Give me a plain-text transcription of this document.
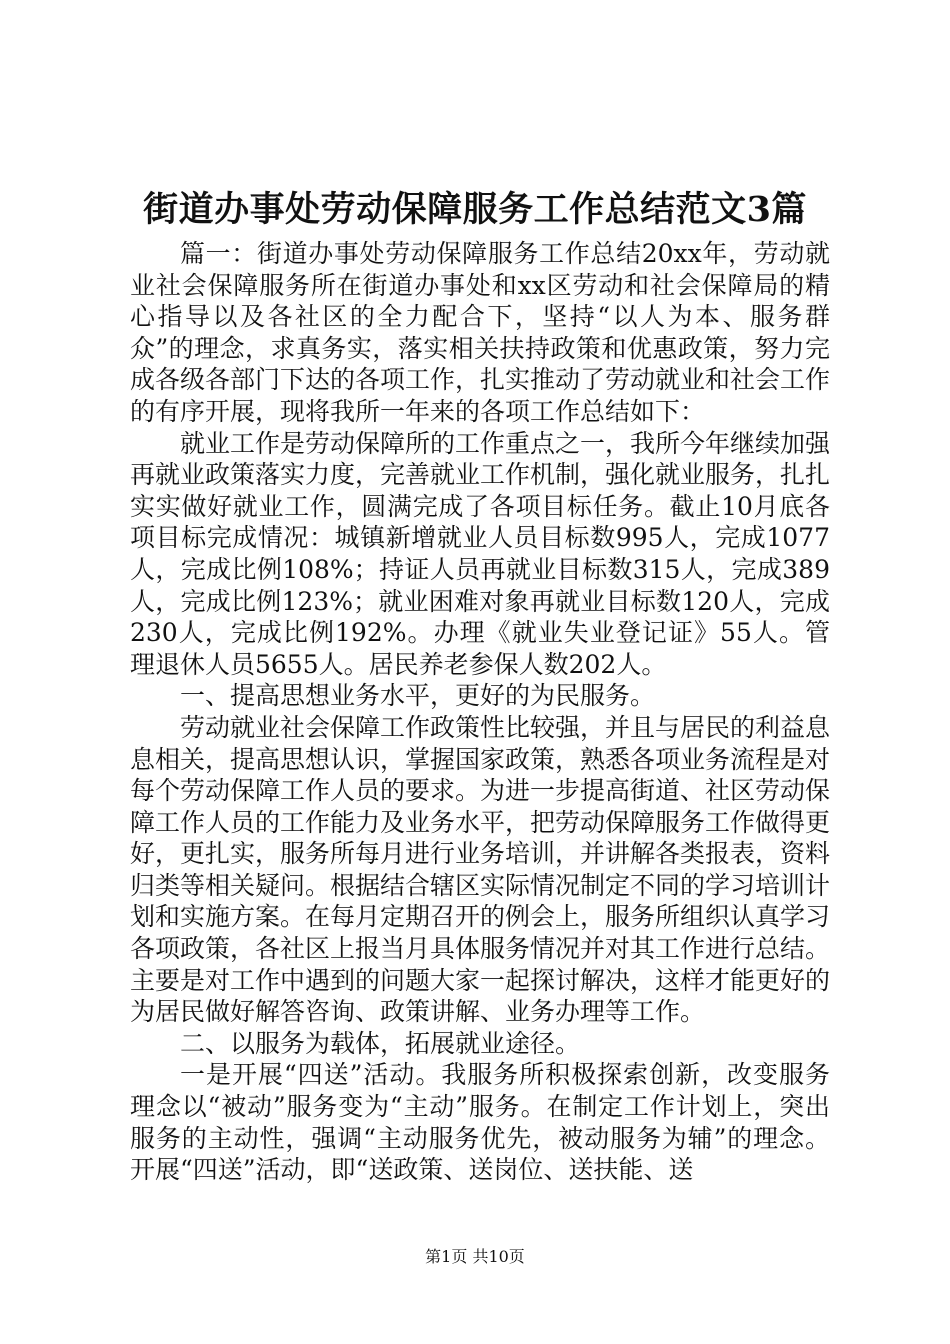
街道办事处劳动保障服务工作总结范文3篇

篇一：街道办事处劳动保障服务工作总结20xx年，劳动就业社会保障服务所在街道办事处和xx区劳动和社会保障局的精心指导以及各社区的全力配合下，坚持“以人为本、服务群众”的理念，求真务实，落实相关扶持政策和优惠政策，努力完成各级各部门下达的各项工作，扎实推动了劳动就业和社会工作的有序开展，现将我所一年来的各项工作总结如下：

就业工作是劳动保障所的工作重点之一，我所今年继续加强再就业政策落实力度，完善就业工作机制，强化就业服务，扎扎实实做好就业工作，圆满完成了各项目标任务。截止10月底各项目标完成情况：城镇新增就业人员目标数995人，完成1077人，完成比例108%；持证人员再就业目标数315人，完成389人，完成比例123%；就业困难对象再就业目标数120人，完成230人，完成比例192%。办理《就业失业登记证》55人。管理退休人员5655人。居民养老参保人数202人。

一、提高思想业务水平，更好的为民服务。

劳动就业社会保障工作政策性比较强，并且与居民的利益息息相关，提高思想认识，掌握国家政策，熟悉各项业务流程是对每个劳动保障工作人员的要求。为进一步提高街道、社区劳动保障工作人员的工作能力及业务水平，把劳动保障服务工作做得更好，更扎实，服务所每月进行业务培训，并讲解各类报表，资料归类等相关疑问。根据结合辖区实际情况制定不同的学习培训计划和实施方案。在每月定期召开的例会上，服务所组织认真学习各项政策，各社区上报当月具体服务情况并对其工作进行总结。主要是对工作中遇到的问题大家一起探讨解决，这样才能更好的为居民做好解答咨询、政策讲解、业务办理等工作。

二、以服务为载体，拓展就业途径。

一是开展“四送”活动。我服务所积极探索创新，改变服务理念以“被动”服务变为“主动”服务。在制定工作计划上，突出服务的主动性，强调“主动服务优先，被动服务为辅”的理念。开展“四送”活动，即“送政策、送岗位、送扶能、送

第1页 共10页
